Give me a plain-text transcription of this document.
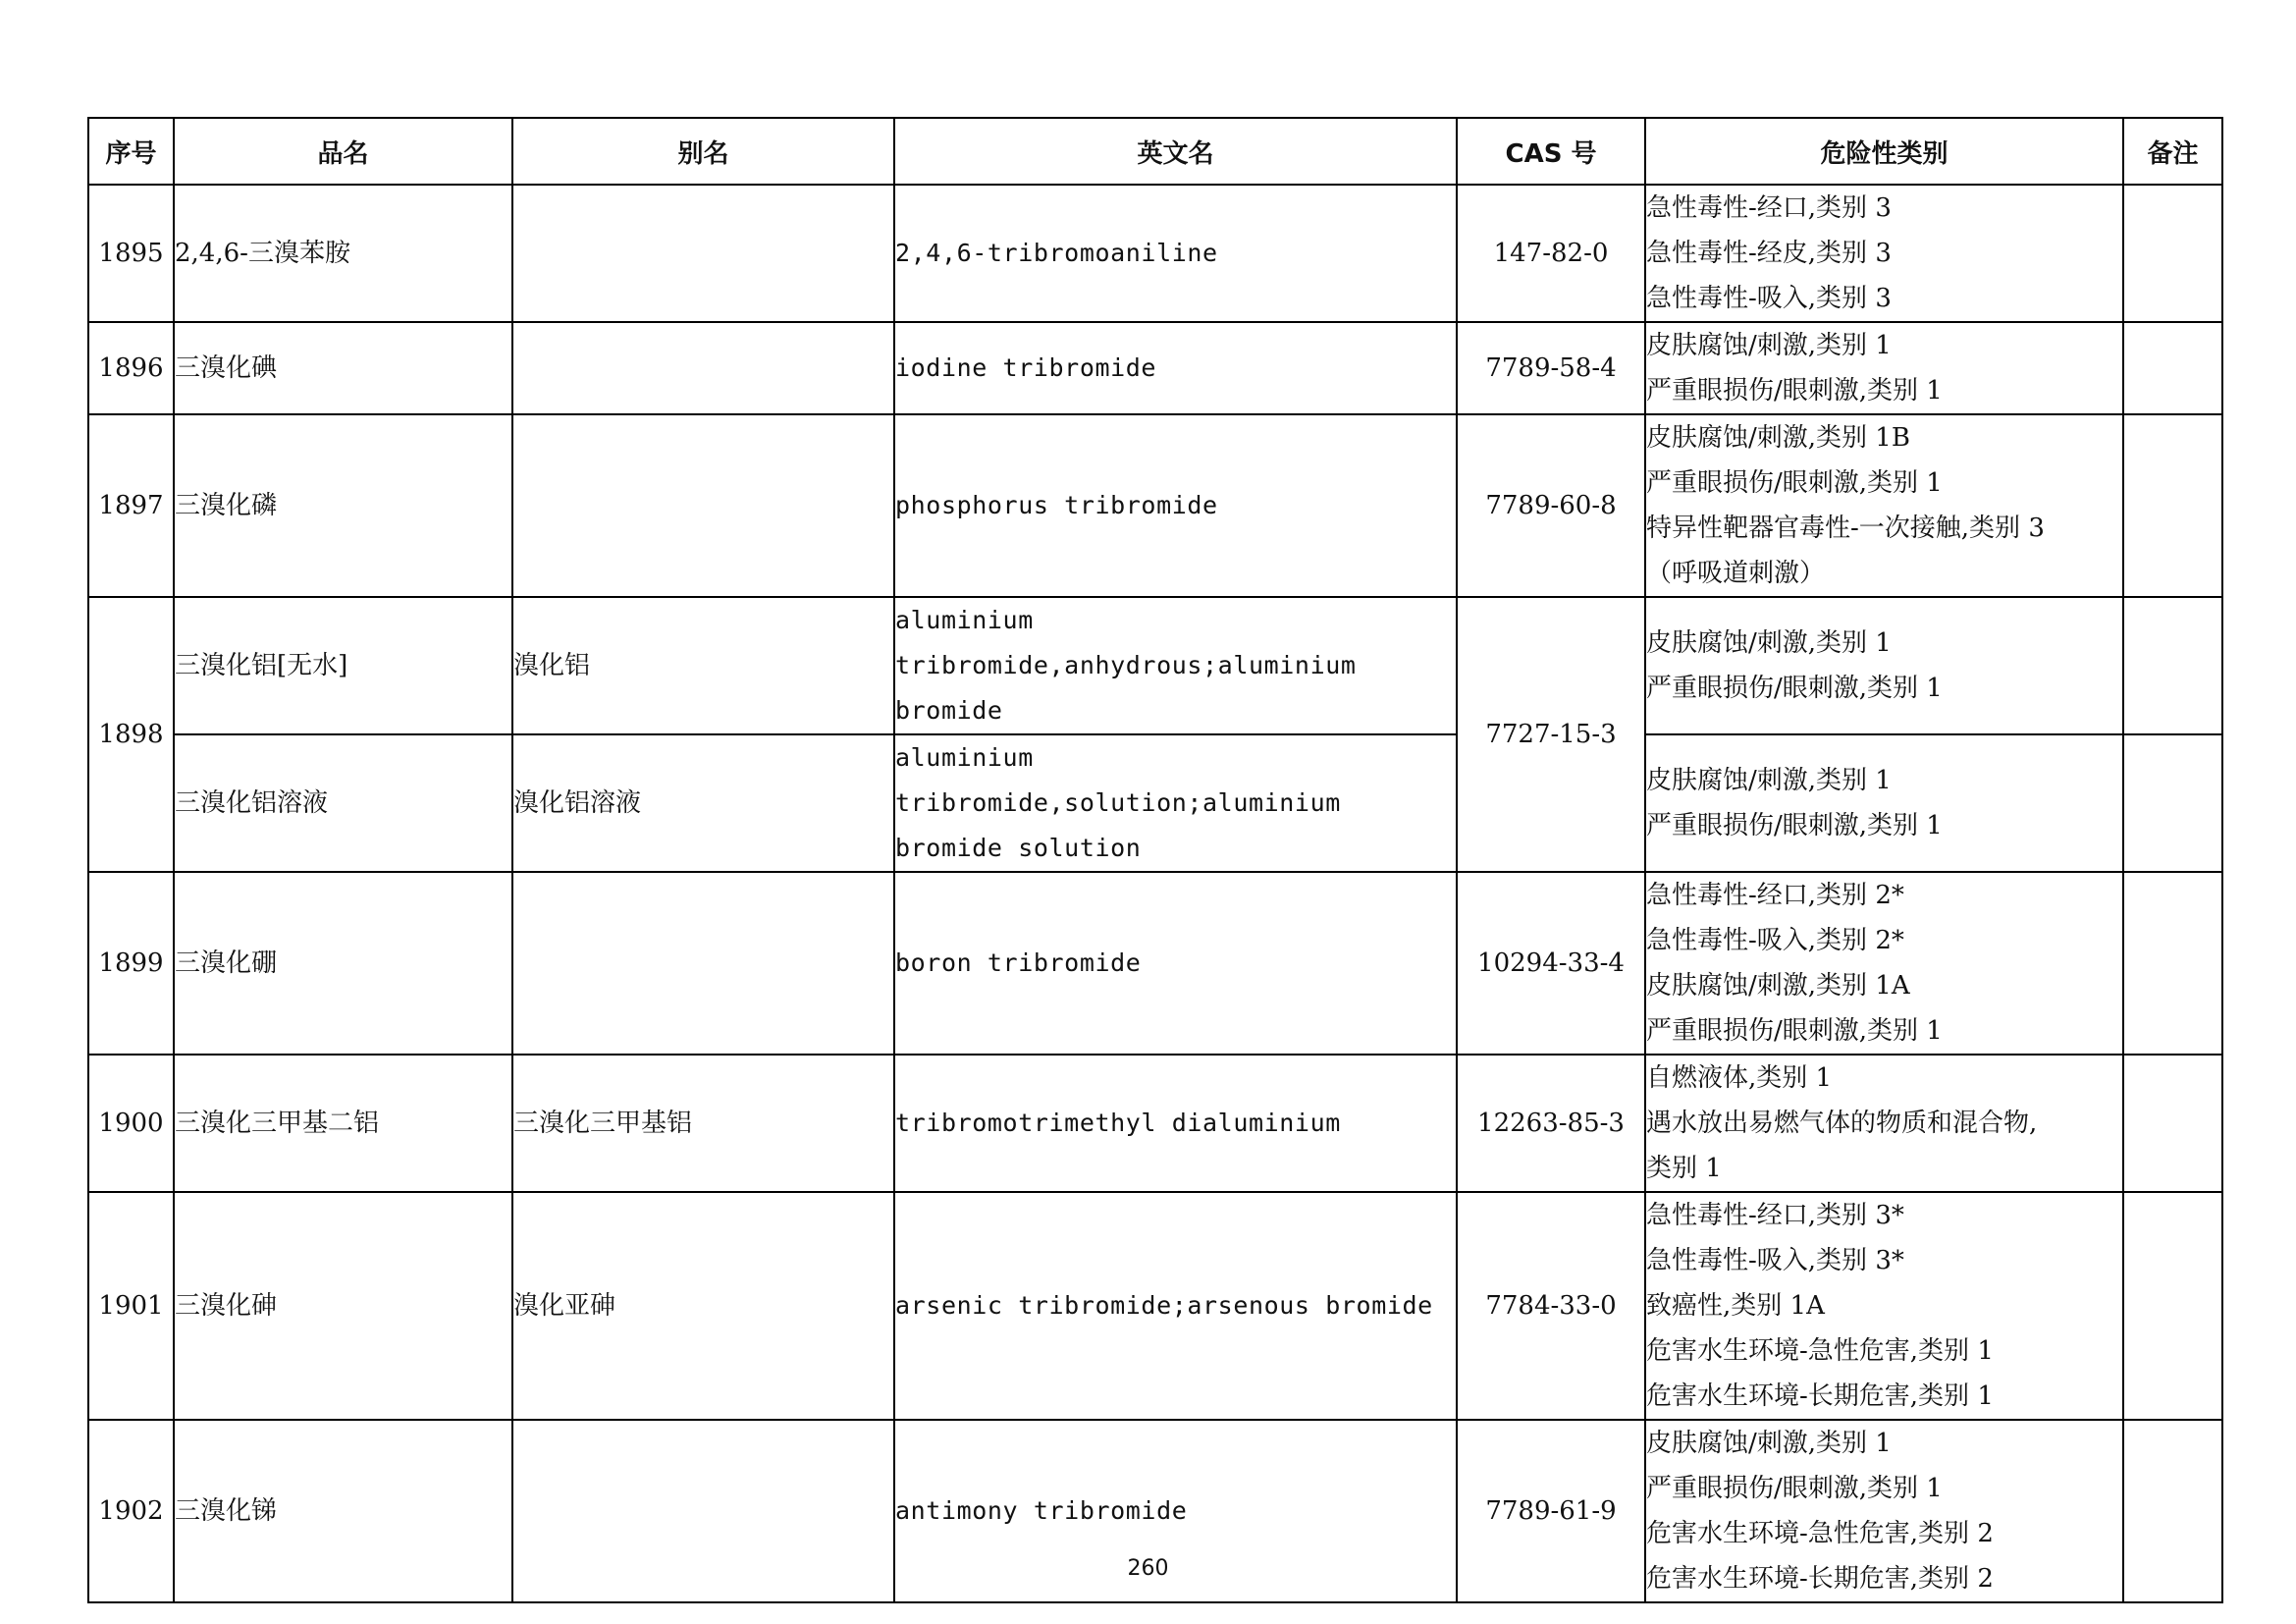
序号	品名	别名	英文名	CAS 号	危险性类别	备注
1895	2,4,6-三溴苯胺		2,4,6-tribromoaniline	147-82-0	急性毒性-经口,类别 3
急性毒性-经皮,类别 3
急性毒性-吸入,类别 3	

1896	三溴化碘		iodine tribromide	7789-58-4	皮肤腐蚀/刺激,类别 1
严重眼损伤/眼刺激,类别 1	

1897	三溴化磷		phosphorus tribromide	7789-60-8	皮肤腐蚀/刺激,类别 1B
严重眼损伤/眼刺激,类别 1
特异性靶器官毒性-一次接触,类别 3
（呼吸道刺激）	

1898	三溴化铝[无水]	溴化铝	aluminium
tribromide,anhydrous;aluminium bromide	7727-15-3	皮肤腐蚀/刺激,类别 1
严重眼损伤/眼刺激,类别 1	

	三溴化铝溶液	溴化铝溶液	aluminium tribromide,solution;aluminium
bromide solution		皮肤腐蚀/刺激,类别 1
严重眼损伤/眼刺激,类别 1	

1899	三溴化硼		boron tribromide	10294-33-4	急性毒性-经口,类别 2*
急性毒性-吸入,类别 2*
皮肤腐蚀/刺激,类别 1A
严重眼损伤/眼刺激,类别 1	

1900	三溴化三甲基二铝	三溴化三甲基铝	tribromotrimethyl dialuminium	12263-85-3	自燃液体,类别 1
遇水放出易燃气体的物质和混合物,
类别 1	

1901	三溴化砷	溴化亚砷	arsenic tribromide;arsenous bromide	7784-33-0	急性毒性-经口,类别 3*
急性毒性-吸入,类别 3*
致癌性,类别 1A
危害水生环境-急性危害,类别 1
危害水生环境-长期危害,类别 1	

1902	三溴化锑		antimony tribromide	7789-61-9	皮肤腐蚀/刺激,类别 1
严重眼损伤/眼刺激,类别 1
危害水生环境-急性危害,类别 2
危害水生环境-长期危害,类别 2	

260
